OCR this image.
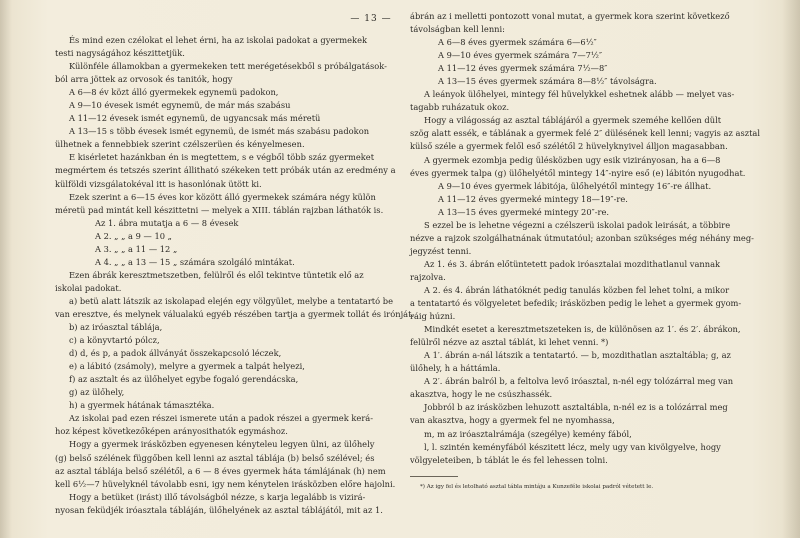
— 13 —

És mind ezen czélokat el lehet érni, ha az iskolai padokat a gyermekek

testi nagyságához készittetjük.

Különféle államokban a gyermekeken tett merégetésekből s próbálgatások-

ból arra jöttek az orvosok és tanitók, hogy

A 6—8 év közt álló gyermekek egynemü padokon,

A 9—10 évesek ismét egynemü, de már más szabásu

A 11—12 évesek ismét egynemü, de ugyancsak más méretü

A 13—15 s több évesek ismét egynemü, de ismét más szabásu padokon

ülhetnek a fennebbiek szerint czélszerüen és kényelmesen.

E kisérletet hazánkban én is megtettem, s e végből több száz gyermeket

megmértem és tetszés szerint állitható székeken tett próbák után az eredmény a

külföldi vizsgálatokéval itt is hasonlónak ütött ki.

Ezek szerint a 6—15 éves kor között álló gyermekek számára négy külön

méretü pad mintát kell készittetni — melyek a XIII. táblán rajzban láthatók is.

Az 1. ábra mutatja a 6 — 8 évesek

A 2. „ „ a 9 — 10 „

A 3. „ „ a 11 — 12 „

A 4. „ „ a 13 — 15 „ számára szolgáló mintákat.

Ezen ábrák keresztmetszetben, felülről és elől tekintve tüntetik elő az

iskolai padokat.

a) betü alatt látszik az iskolapad elején egy völgyület, melybe a tentatartó be

van eresztve, és melynek válualakú egyéb részében tartja a gyermek tollát és irónját.

b) az iróasztal táblája,

c) a könyvtartó pólcz,

d) d, és p, a padok állványát összekapcsoló léczek,

e) a lábitó (zsámoly), melyre a gyermek a talpát helyezi,

f) az asztalt és az ülőhelyet egybe fogaló gerendácska,

g) az ülőhely,

h) a gyermek hátának támasztéka.

Az iskolai pad ezen részei ismerete után a padok részei a gyermek kerá-

hoz képest következőképen arányosithatók egymáshoz.

Hogy a gyermek irásközben egyenesen kényteleu legyen ülni, az ülőhely

(g) belső szélének függőben kell lenni az asztal táblája (b) belső szélével; és

az asztal táblája belső szélétől, a 6 — 8 éves gyermek háta támlájának (h) nem

kell 6½—7 hüvelyknél távolabb esni, igy nem kénytelen irásközben előre hajolni.

Hogy a betüket (irást) illő távolságból nézze, s karja legalább is vizirá-

nyosan feküdjék iróasztala tábláján, ülőhelyének az asztal táblájától, mit az 1.

ábrán az i melletti pontozott vonal mutat, a gyermek kora szerint következő

távolságban kell lenni:

A 6—8 éves gyermek számára 6—6½″

A 9—10 éves gyermek számára 7—7½″

A 11—12 éves gyermek számára 7½—8″

A 13—15 éves gyermek számára 8—8½″ távolságra.

A leányok ülőhelyei, mintegy fél hüvelykkel eshetnek alább — melyet vas-

tagabb ruházatuk okoz.

Hogy a világosság az asztal táblájáról a gyermek szeméhe kellően dült

szög alatt essék, e táblának a gyermek felé 2″ dülésének kell lenni; vagyis az asztal

külső széle a gyermek felől eső szélétől 2 hüvelyknyivel álljon magasabban.

A gyermek ezombja pedig ülésközben ugy esik vizirányosan, ha a 6—8

éves gyermek talpa (g) ülőhelyétől mintegy 14″-nyire eső (e) lábitón nyugodhat.

A 9—10 éves gyermek lábitója, ülőhelyétől mintegy 16″-re állhat.

A 11—12 éves gyermeké mintegy 18—19″-re.

A 13—15 éves gyermeké mintegy 20″-re.

S ezzel be is lehetne végezni a czélszerü iskolai padok leirását, a többire

nézve a rajzok szolgálhatnának útmutatóul; azonban szükséges még néhány meg-

jegyzést tenni.

Az 1. és 3. ábrán előtüntetett padok iróasztalai mozdithatlanul vannak

rajzolva.

A 2. és 4. ábrán láthatóknét pedig tanulás közben fel lehet tolni, a mikor

a tentatartó és völgyeletet befedik; irásközben pedig le lehet a gyermek gyom-

ráig húzni.

Mindkét esetet a keresztmetszeteken is, de különösen az 1′. és 2′. ábrákon,

felülről nézve az asztal táblát, ki lehet venni. *)

A 1′. ábrán a-nál látszik a tentatartó. — b, mozdithatlan asztaltábla; g, az

ülőhely, h a háttámla.

A 2′. ábrán balról b, a feltolva levő iróasztal, n-nél egy tolózárral meg van

akasztva, hogy le ne csúszhassék.

Jobbról b az irásközben lehuzott asztaltábla, n-nél ez is a tolózárral meg

van akasztva, hogy a gyermek fel ne nyomhassa,

m, m az iróasztalrámája (szegélye) kemény fából,

l, l. szintén keményfából készitett lécz, mely ugy van kivölgyelve, hogy

völgyeleteiben, b táblát le és fel lehessen tolni.

*) Az igy fel és letolható asztal tábla mintáju a Kunzeféle iskolai padról vétetett le.
